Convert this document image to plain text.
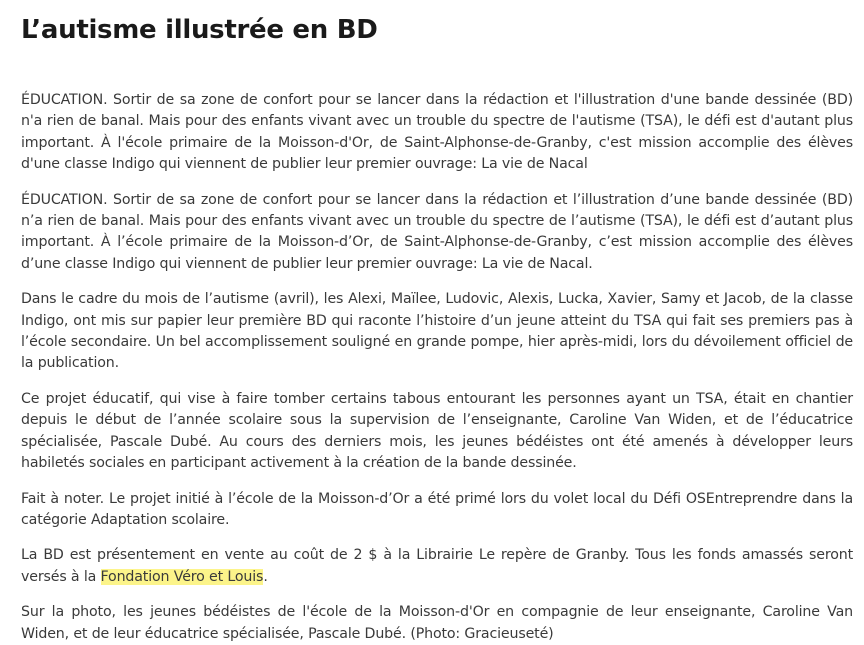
L’autisme illustrée en BD

ÉDUCATION. Sortir de sa zone de confort pour se lancer dans la rédaction et l'illustration d'une bande dessinée (BD) n'a rien de banal. Mais pour des enfants vivant avec un trouble du spectre de l'autisme (TSA), le défi est d'autant plus important. À l'école primaire de la Moisson-d'Or, de Saint-Alphonse-de-Granby, c'est mission accomplie des élèves d'une classe Indigo qui viennent de publier leur premier ouvrage: La vie de Nacal

ÉDUCATION. Sortir de sa zone de confort pour se lancer dans la rédaction et l’illustration d’une bande dessinée (BD) n’a rien de banal. Mais pour des enfants vivant avec un trouble du spectre de l’autisme (TSA), le défi est d’autant plus important. À l’école primaire de la Moisson-d’Or, de Saint-Alphonse-de-Granby, c’est mission accomplie des élèves d’une classe Indigo qui viennent de publier leur premier ouvrage: La vie de Nacal.

Dans le cadre du mois de l’autisme (avril), les Alexi, Maïlee, Ludovic, Alexis, Lucka, Xavier, Samy et Jacob, de la classe Indigo, ont mis sur papier leur première BD qui raconte l’histoire d’un jeune atteint du TSA qui fait ses premiers pas à l’école secondaire. Un bel accomplissement souligné en grande pompe, hier après-midi, lors du dévoilement officiel de la publication.

Ce projet éducatif, qui vise à faire tomber certains tabous entourant les personnes ayant un TSA, était en chantier depuis le début de l’année scolaire sous la supervision de l’enseignante, Caroline Van Widen, et de l’éducatrice spécialisée, Pascale Dubé. Au cours des derniers mois, les jeunes bédéistes ont été amenés à développer leurs habiletés sociales en participant activement à la création de la bande dessinée.

Fait à noter. Le projet initié à l’école de la Moisson-d’Or a été primé lors du volet local du Défi OSEntreprendre dans la catégorie Adaptation scolaire.

La BD est présentement en vente au coût de 2 $ à la Librairie Le repère de Granby. Tous les fonds amassés seront versés à la Fondation Véro et Louis.

Sur la photo, les jeunes bédéistes de l'école de la Moisson-d'Or en compagnie de leur enseignante, Caroline Van Widen, et de leur éducatrice spécialisée, Pascale Dubé. (Photo: Gracieuseté)
